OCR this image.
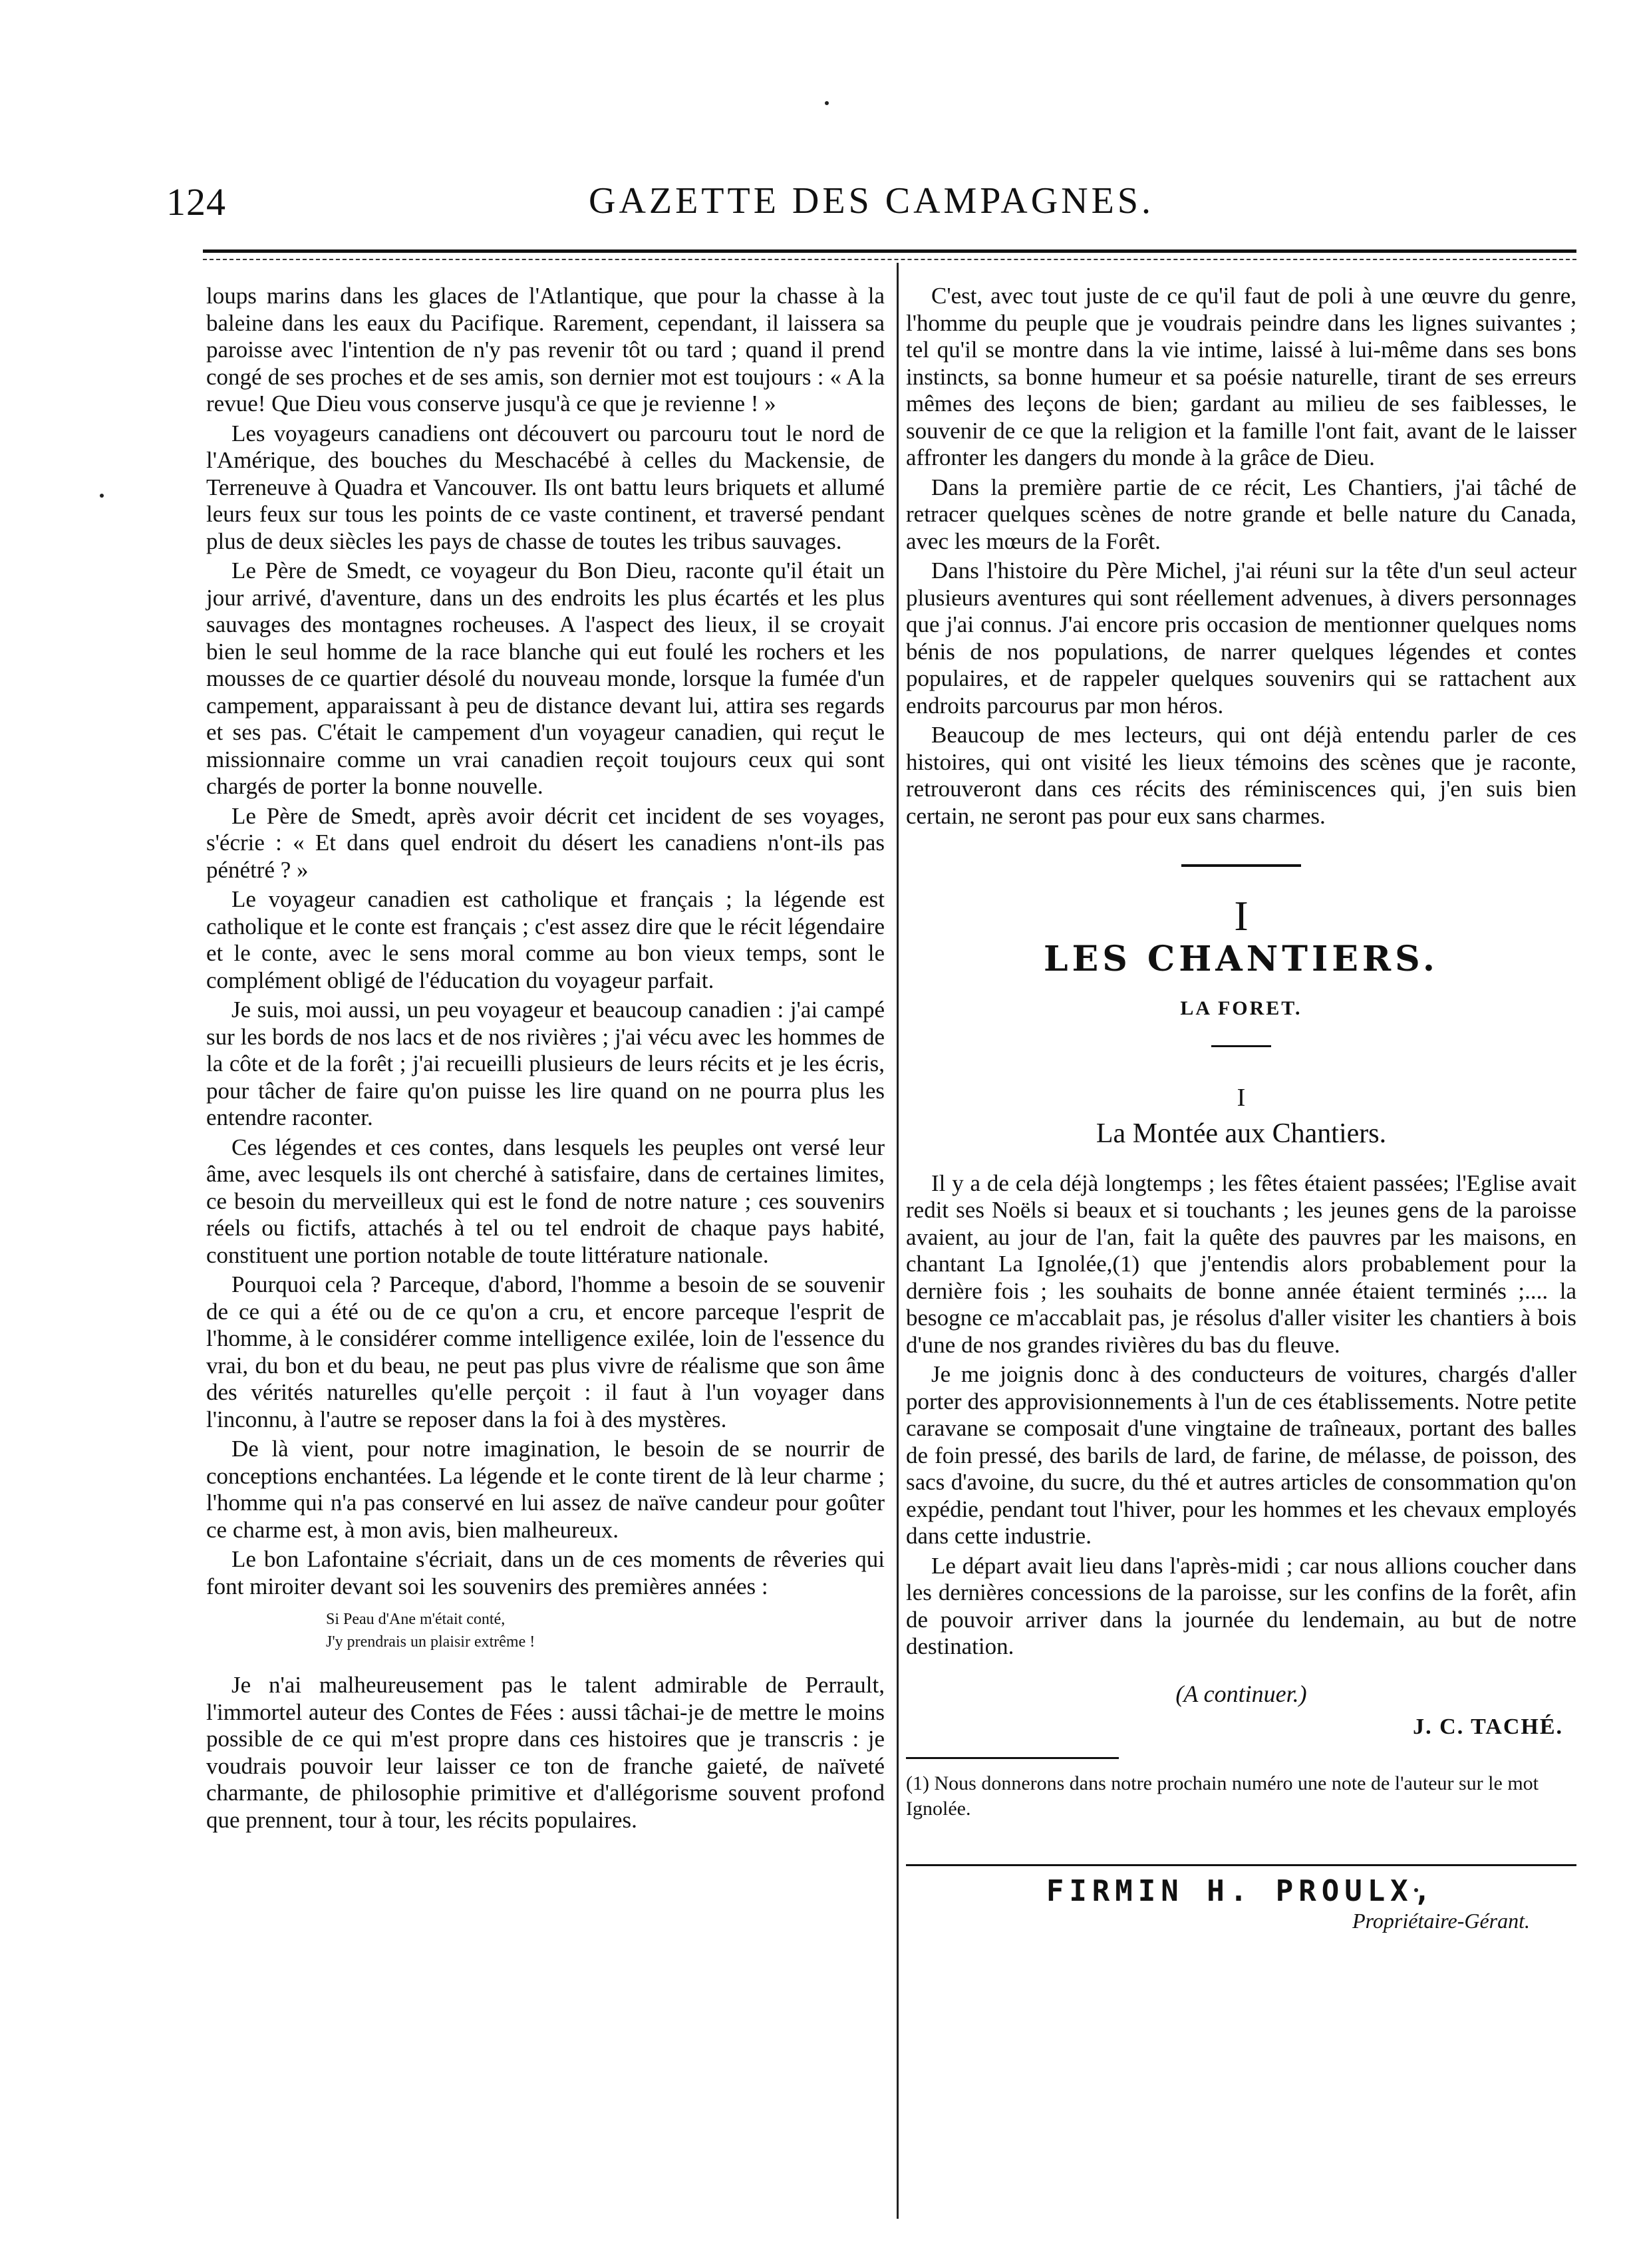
124	GAZETTE DES CAMPAGNES.

loups marins dans les glaces de l'Atlantique, que pour la chasse à la baleine dans les eaux du Pacifique. Rarement, cependant, il laissera sa paroisse avec l'intention de n'y pas revenir tôt ou tard ; quand il prend congé de ses proches et de ses amis, son dernier mot est toujours : « A la revue! Que Dieu vous conserve jusqu'à ce que je revienne ! »

Les voyageurs canadiens ont découvert ou parcouru tout le nord de l'Amérique, des bouches du Meschacébé à celles du Mackensie, de Terreneuve à Quadra et Vancouver. Ils ont battu leurs briquets et allumé leurs feux sur tous les points de ce vaste continent, et traversé pendant plus de deux siècles les pays de chasse de toutes les tribus sauvages.

Le Père de Smedt, ce voyageur du Bon Dieu, raconte qu'il était un jour arrivé, d'aventure, dans un des endroits les plus écartés et les plus sauvages des montagnes rocheuses. A l'aspect des lieux, il se croyait bien le seul homme de la race blanche qui eut foulé les rochers et les mousses de ce quartier désolé du nouveau monde, lorsque la fumée d'un campement, apparaissant à peu de distance devant lui, attira ses regards et ses pas. C'était le campement d'un voyageur canadien, qui reçut le missionnaire comme un vrai canadien reçoit toujours ceux qui sont chargés de porter la bonne nouvelle.

Le Père de Smedt, après avoir décrit cet incident de ses voyages, s'écrie : « Et dans quel endroit du désert les canadiens n'ont-ils pas pénétré ? »

Le voyageur canadien est catholique et français ; la légende est catholique et le conte est français ; c'est assez dire que le récit légendaire et le conte, avec le sens moral comme au bon vieux temps, sont le complément obligé de l'éducation du voyageur parfait.

Je suis, moi aussi, un peu voyageur et beaucoup canadien : j'ai campé sur les bords de nos lacs et de nos rivières ; j'ai vécu avec les hommes de la côte et de la forêt ; j'ai recueilli plusieurs de leurs récits et je les écris, pour tâcher de faire qu'on puisse les lire quand on ne pourra plus les entendre raconter.

Ces légendes et ces contes, dans lesquels les peuples ont versé leur âme, avec lesquels ils ont cherché à satisfaire, dans de certaines limites, ce besoin du merveilleux qui est le fond de notre nature ; ces souvenirs réels ou fictifs, attachés à tel ou tel endroit de chaque pays habité, constituent une portion notable de toute littérature nationale.

Pourquoi cela ? Parceque, d'abord, l'homme a besoin de se souvenir de ce qui a été ou de ce qu'on a cru, et encore parceque l'esprit de l'homme, à le considérer comme intelligence exilée, loin de l'essence du vrai, du bon et du beau, ne peut pas plus vivre de réalisme que son âme des vérités naturelles qu'elle perçoit : il faut à l'un voyager dans l'inconnu, à l'autre se reposer dans la foi à des mystères.

De là vient, pour notre imagination, le besoin de se nourrir de conceptions enchantées. La légende et le conte tirent de là leur charme ; l'homme qui n'a pas conservé en lui assez de naïve candeur pour goûter ce charme est, à mon avis, bien malheureux.

Le bon Lafontaine s'écriait, dans un de ces moments de rêveries qui font miroiter devant soi les souvenirs des premières années :

Si Peau d'Ane m'était conté,
J'y prendrais un plaisir extrême !

Je n'ai malheureusement pas le talent admirable de Perrault, l'immortel auteur des Contes de Fées : aussi tâchai-je de mettre le moins possible de ce qui m'est propre dans ces histoires que je transcris : je voudrais pouvoir leur laisser ce ton de franche gaieté, de naïveté charmante, de philosophie primitive et d'allégorisme souvent profond que prennent, tour à tour, les récits populaires.

C'est, avec tout juste de ce qu'il faut de poli à une œuvre du genre, l'homme du peuple que je voudrais peindre dans les lignes suivantes ; tel qu'il se montre dans la vie intime, laissé à lui-même dans ses bons instincts, sa bonne humeur et sa poésie naturelle, tirant de ses erreurs mêmes des leçons de bien; gardant au milieu de ses faiblesses, le souvenir de ce que la religion et la famille l'ont fait, avant de le laisser affronter les dangers du monde à la grâce de Dieu.

Dans la première partie de ce récit, Les Chantiers, j'ai tâché de retracer quelques scènes de notre grande et belle nature du Canada, avec les mœurs de la Forêt.

Dans l'histoire du Père Michel, j'ai réuni sur la tête d'un seul acteur plusieurs aventures qui sont réellement advenues, à divers personnages que j'ai connus. J'ai encore pris occasion de mentionner quelques noms bénis de nos populations, de narrer quelques légendes et contes populaires, et de rappeler quelques souvenirs qui se rattachent aux endroits parcourus par mon héros.

Beaucoup de mes lecteurs, qui ont déjà entendu parler de ces histoires, qui ont visité les lieux témoins des scènes que je raconte, retrouveront dans ces récits des réminiscences qui, j'en suis bien certain, ne seront pas pour eux sans charmes.

I
LES CHANTIERS.
LA FORET.
I
La Montée aux Chantiers.

Il y a de cela déjà longtemps ; les fêtes étaient passées; l'Eglise avait redit ses Noëls si beaux et si touchants ; les jeunes gens de la paroisse avaient, au jour de l'an, fait la quête des pauvres par les maisons, en chantant La Ignolée,(1) que j'entendis alors probablement pour la dernière fois ; les souhaits de bonne année étaient terminés ;.... la besogne ce m'accablait pas, je résolus d'aller visiter les chantiers à bois d'une de nos grandes rivières du bas du fleuve.

Je me joignis donc à des conducteurs de voitures, chargés d'aller porter des approvisionnements à l'un de ces établissements. Notre petite caravane se composait d'une vingtaine de traîneaux, portant des balles de foin pressé, des barils de lard, de farine, de mélasse, de poisson, des sacs d'avoine, du sucre, du thé et autres articles de consommation qu'on expédie, pendant tout l'hiver, pour les hommes et les chevaux employés dans cette industrie.

Le départ avait lieu dans l'après-midi ; car nous allions coucher dans les dernières concessions de la paroisse, sur les confins de la forêt, afin de pouvoir arriver dans la journée du lendemain, au but de notre destination.

(A continuer.)
J. C. TACHÉ.
(1) Nous donnerons dans notre prochain numéro une note de l'auteur sur le mot Ignolée.
FIRMIN H. PROULX,
Propriétaire-Gérant.
